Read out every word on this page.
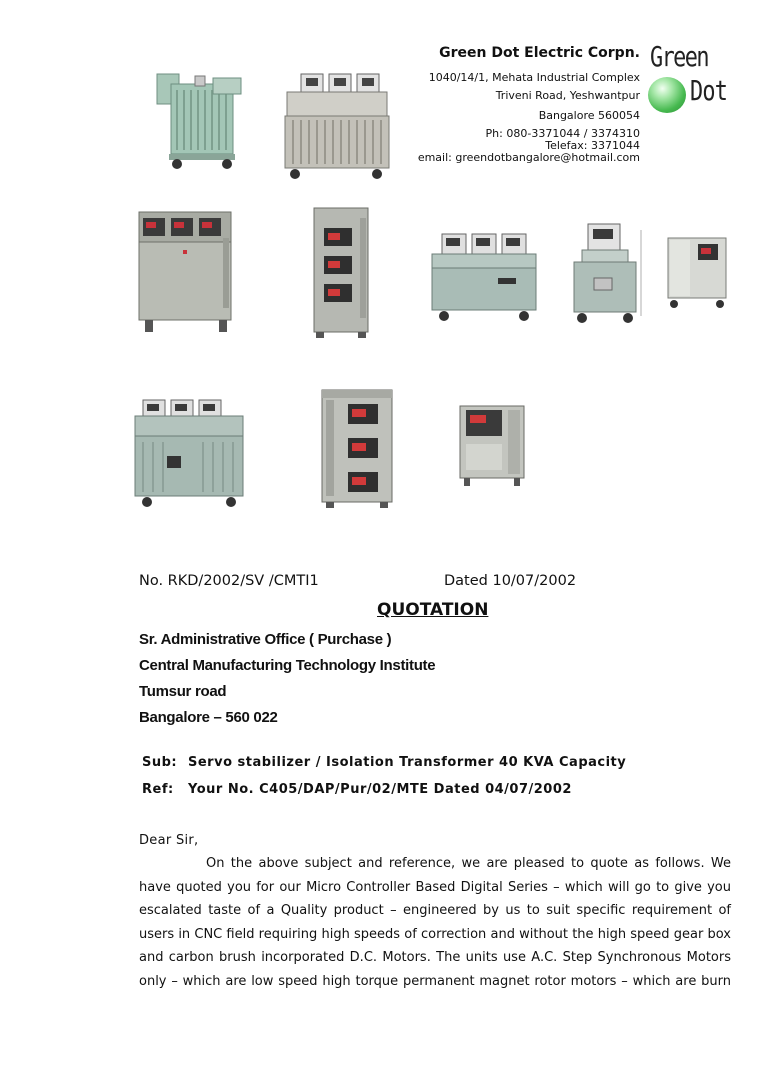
Green Dot Electric Corpn.
1040/14/1, Mehata Industrial Complex
Triveni Road, Yeshwantpur
Bangalore 560054
Ph: 080-3371044 / 3374310
Telefax: 3371044
email: greendotbangalore@hotmail.com
Green
Dot
No. RKD/2002/SV /CMTI1	Dated 10/07/2002
QUOTATION
Sr. Administrative Office ( Purchase )
Central Manufacturing Technology Institute
Tumsur road
Bangalore – 560 022
Sub: Servo stabilizer / Isolation Transformer 40 KVA Capacity
Ref: Your No. C405/DAP/Pur/02/MTE Dated 04/07/2002
Dear Sir,
On the above subject and reference, we are pleased to quote as follows. We
have quoted you for our Micro Controller Based Digital Series – which will go to give you
escalated taste of a Quality product – engineered by us to suit specific requirement of
users in CNC field requiring high speeds of correction and without the high speed gear box
and carbon brush incorporated D.C. Motors. The units use A.C. Step Synchronous Motors
only – which are low speed high torque permanent magnet rotor motors – which are burn
